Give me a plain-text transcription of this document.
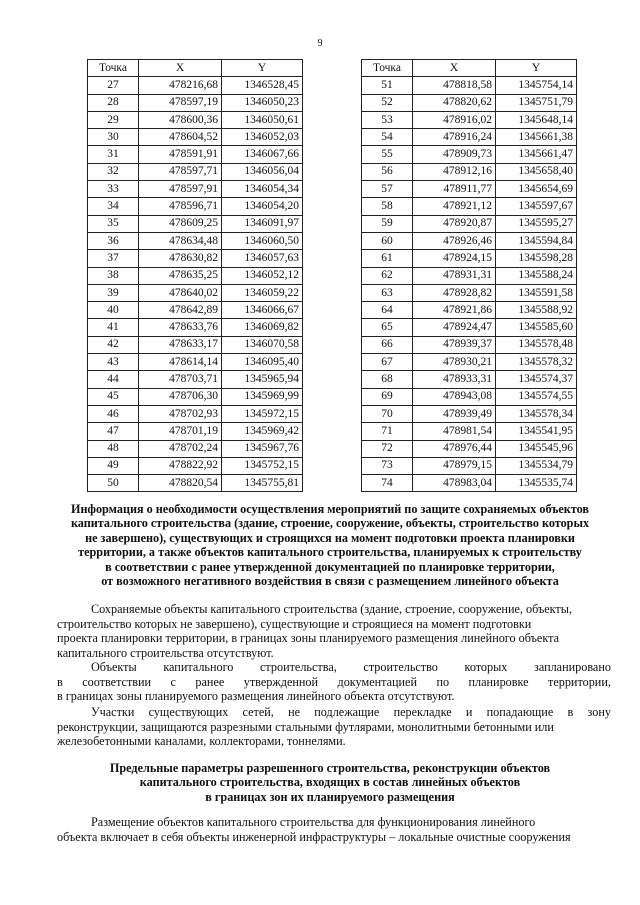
9
Точка	X	Y
27	478216,68	1346528,45
28	478597,19	1346050,23
29	478600,36	1346050,61
30	478604,52	1346052,03
31	478591,91	1346067,66
32	478597,71	1346056,04
33	478597,91	1346054,34
34	478596,71	1346054,20
35	478609,25	1346091,97
36	478634,48	1346060,50
37	478630,82	1346057,63
38	478635,25	1346052,12
39	478640,02	1346059,22
40	478642,89	1346066,67
41	478633,76	1346069,82
42	478633,17	1346070,58
43	478614,14	1346095,40
44	478703,71	1345965,94
45	478706,30	1345969,99
46	478702,93	1345972,15
47	478701,19	1345969,42
48	478702,24	1345967,76
49	478822,92	1345752,15
50	478820,54	1345755,81
Точка	X	Y
51	478818,58	1345754,14
52	478820,62	1345751,79
53	478916,02	1345648,14
54	478916,24	1345661,38
55	478909,73	1345661,47
56	478912,16	1345658,40
57	478911,77	1345654,69
58	478921,12	1345597,67
59	478920,87	1345595,27
60	478926,46	1345594,84
61	478924,15	1345598,28
62	478931,31	1345588,24
63	478928,82	1345591,58
64	478921,86	1345588,92
65	478924,47	1345585,60
66	478939,37	1345578,48
67	478930,21	1345578,32
68	478933,31	1345574,37
69	478943,08	1345574,55
70	478939,49	1345578,34
71	478981,54	1345541,95
72	478976,44	1345545,96
73	478979,15	1345534,79
74	478983,04	1345535,74
Информация о необходимости осуществления мероприятий по защите сохраняемых объектов
капитального строительства (здание, строение, сооружение, объекты, строительство которых
не завершено), существующих и строящихся на момент подготовки проекта планировки
территории, а также объектов капитального строительства, планируемых к строительству
в соответствии с ранее утвержденной документацией по планировке территории,
от возможного негативного воздействия в связи с размещением линейного объекта
Сохраняемые объекты капитального строительства (здание, строение, сооружение, объекты,
строительство которых не завершено), существующие и строящиеся на момент подготовки
проекта планировки территории, в границах зоны планируемого размещения линейного объекта
капитального строительства отсутствуют.
Объекты капитального строительства, строительство которых запланировано
в соответствии с ранее утвержденной документацией по планировке территории,
в границах зоны планируемого размещения линейного объекта отсутствуют.
Участки существующих сетей, не подлежащие перекладке и попадающие в зону
реконструкции, защищаются разрезными стальными футлярами, монолитными бетонными или
железобетонными каналами, коллекторами, тоннелями.
Предельные параметры разрешенного строительства, реконструкции объектов
капитального строительства, входящих в состав линейных объектов
в границах зон их планируемого размещения
Размещение объектов капитального строительства для функционирования линейного
объекта включает в себя объекты инженерной инфраструктуры – локальные очистные сооружения
